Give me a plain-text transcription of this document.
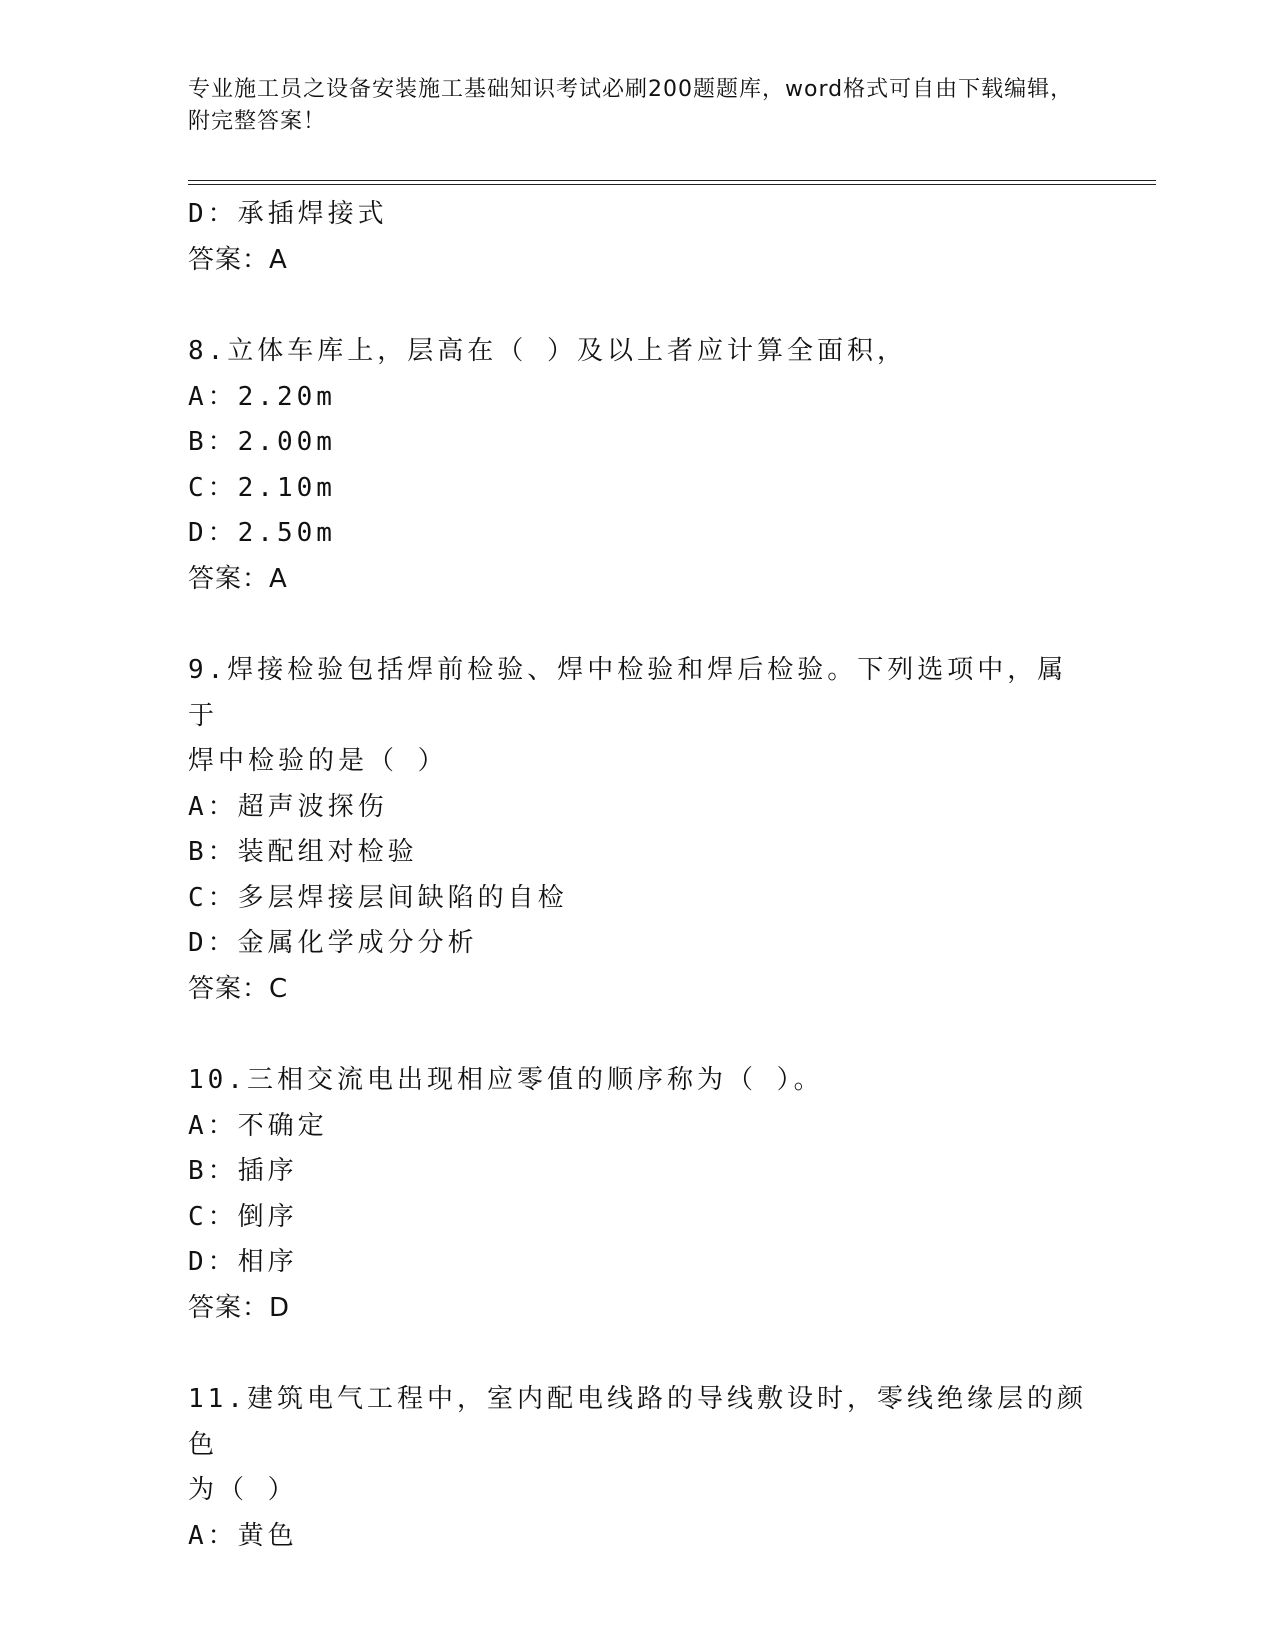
专业施工员之设备安装施工基础知识考试必刷200题题库，word格式可自由下载编辑，附完整答案！
D：承插焊接式
答案：A
8.立体车库上，层高在（ ）及以上者应计算全面积，
A：2.20m
B：2.00m
C：2.10m
D：2.50m
答案：A
9.焊接检验包括焊前检验、焊中检验和焊后检验。下列选项中，属于
焊中检验的是（ ）
A：超声波探伤
B：装配组对检验
C：多层焊接层间缺陷的自检
D：金属化学成分分析
答案：C
10.三相交流电出现相应零值的顺序称为（ ）。
A：不确定
B：插序
C：倒序
D：相序
答案：D
11.建筑电气工程中，室内配电线路的导线敷设时，零线绝缘层的颜色
为（ ）
A：黄色
